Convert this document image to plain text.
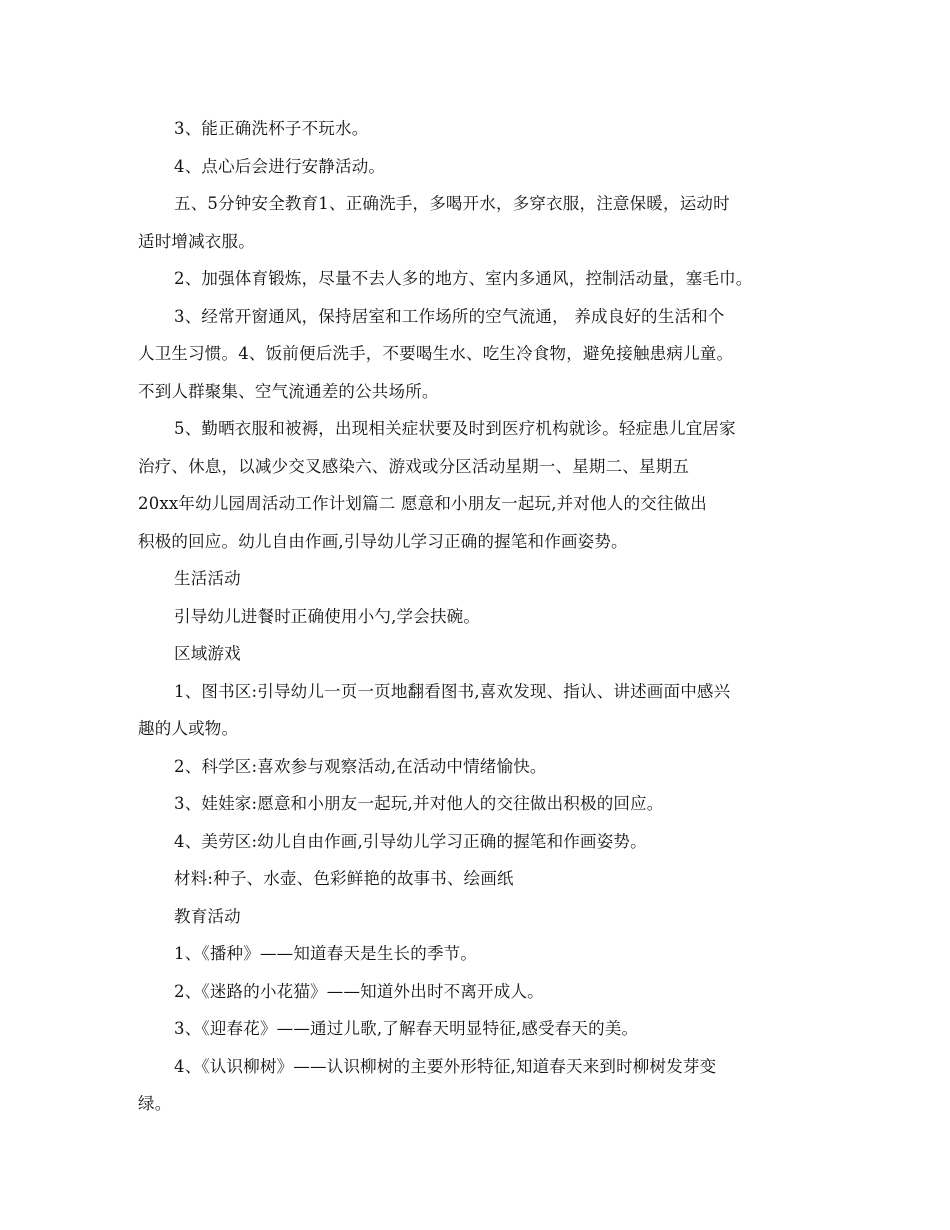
3、能正确洗杯子不玩水。
4、点心后会进行安静活动。
五、5分钟安全教育1、正确洗手，多喝开水，多穿衣服，注意保暖，运动时
适时增减衣服。
2、加强体育锻炼，尽量不去人多的地方、室内多通风，控制活动量，塞毛巾。
3、经常开窗通风，保持居室和工作场所的空气流通， 养成良好的生活和个
人卫生习惯。4、饭前便后洗手，不要喝生水、吃生冷食物，避免接触患病儿童。
不到人群聚集、空气流通差的公共场所。
5、勤晒衣服和被褥，出现相关症状要及时到医疗机构就诊。轻症患儿宜居家
治疗、休息，以减少交叉感染六、游戏或分区活动星期一、星期二、星期五
20xx年幼儿园周活动工作计划篇二 愿意和小朋友一起玩,并对他人的交往做出
积极的回应。幼儿自由作画,引导幼儿学习正确的握笔和作画姿势。
生活活动
引导幼儿进餐时正确使用小勺,学会扶碗。
区域游戏
1、图书区:引导幼儿一页一页地翻看图书,喜欢发现、指认、讲述画面中感兴
趣的人或物。
2、科学区:喜欢参与观察活动,在活动中情绪愉快。
3、娃娃家:愿意和小朋友一起玩,并对他人的交往做出积极的回应。
4、美劳区:幼儿自由作画,引导幼儿学习正确的握笔和作画姿势。
材料:种子、水壶、色彩鲜艳的故事书、绘画纸
教育活动
1、《播种》——知道春天是生长的季节。
2、《迷路的小花猫》——知道外出时不离开成人。
3、《迎春花》——通过儿歌,了解春天明显特征,感受春天的美。
4、《认识柳树》——认识柳树的主要外形特征,知道春天来到时柳树发芽变
绿。
